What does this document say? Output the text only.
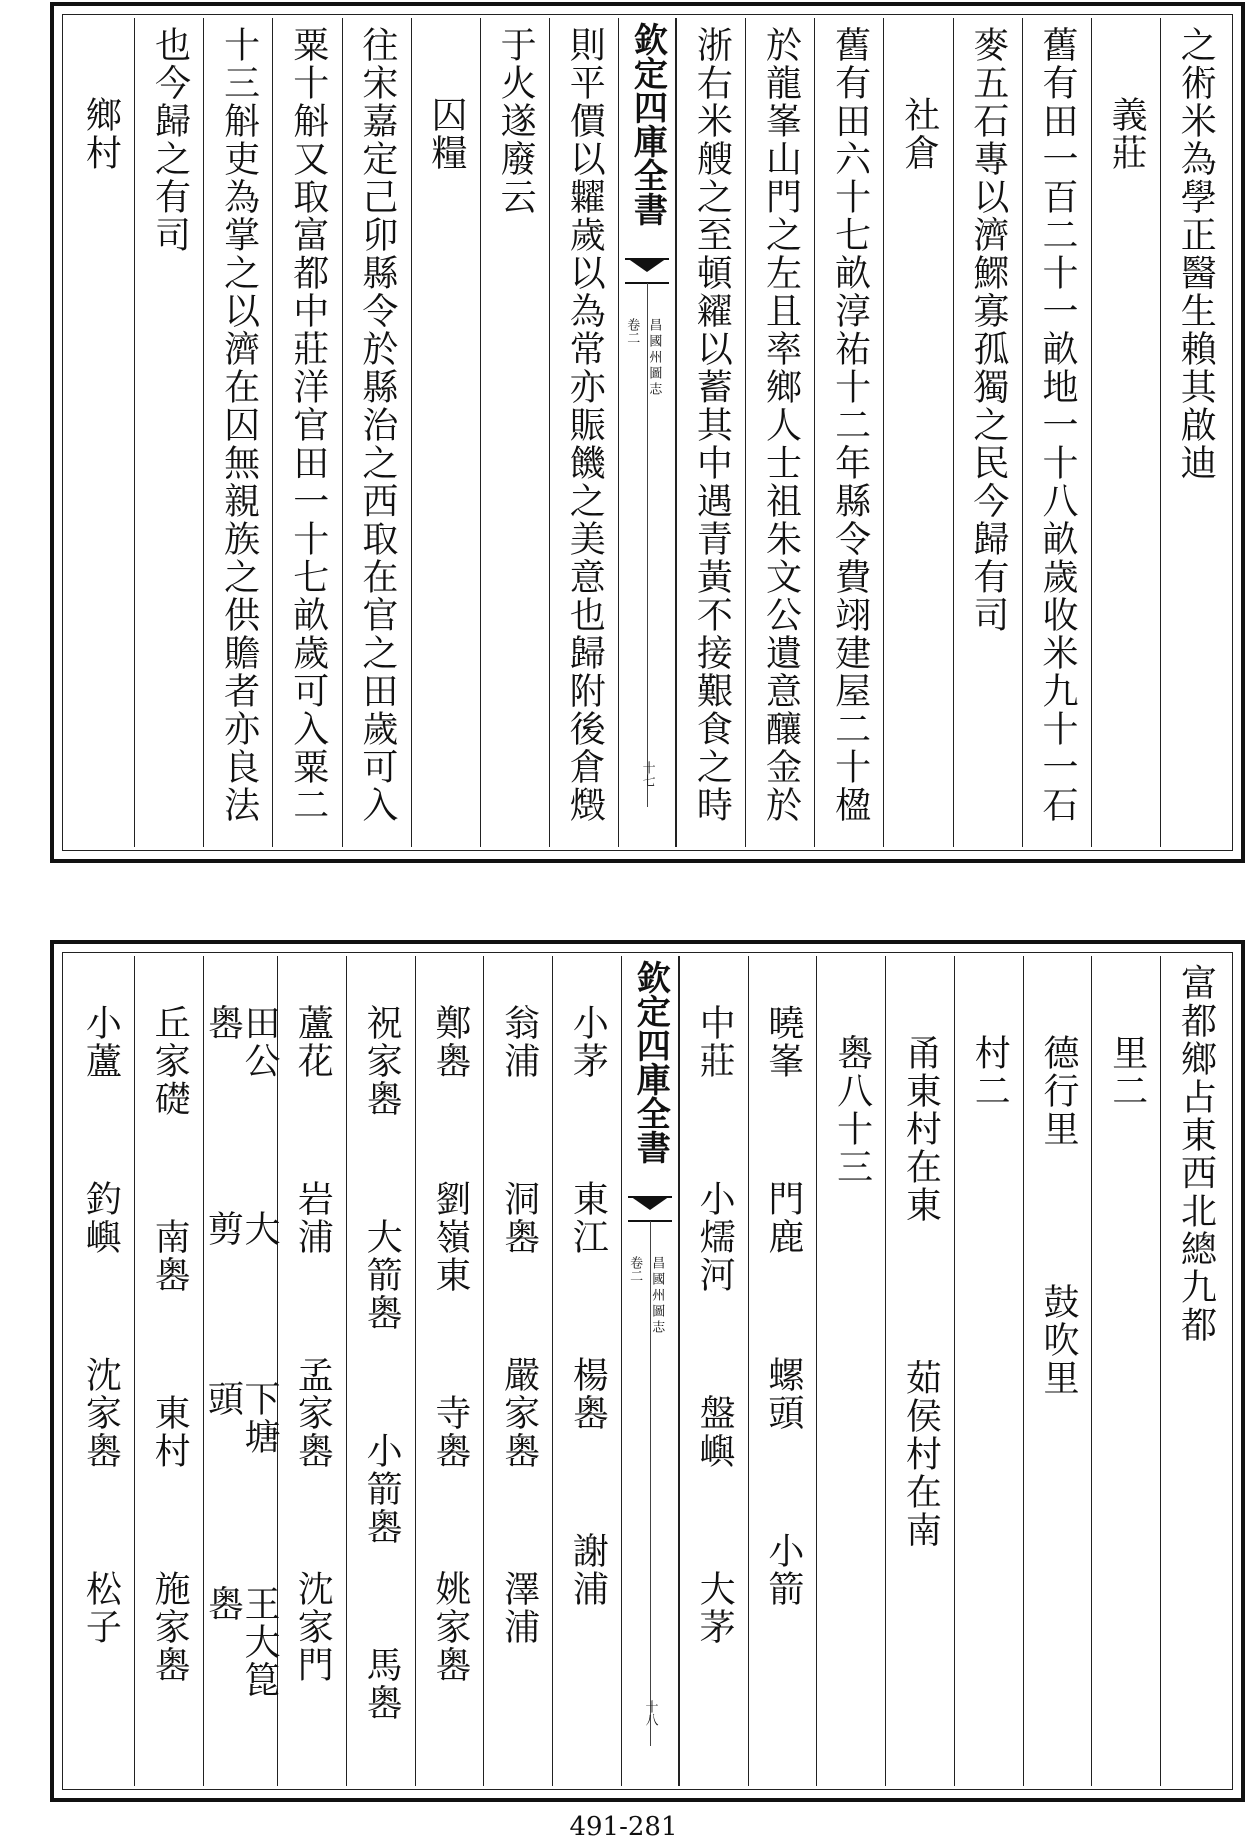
之術米為學正醫生賴其啟迪
義莊
舊有田一百二十一畝地一十八畝歲收米九十一石
麥五石專以濟鰥寡孤獨之民今歸有司
社倉
舊有田六十七畝淳祐十二年縣令費翊建屋二十楹
於龍峯山門之左且率鄉人士祖朱文公遺意釀金於
浙右米艘之至頓糴以蓄其中遇青黃不接艱食之時
欽定四庫全書
昌國州圖志
卷二
十七
則平價以糶歲以為常亦賑饑之美意也歸附後倉燬
于火遂廢云
囚糧
往宋嘉定己卯縣令於縣治之西取在官之田歲可入
粟十斛又取富都中莊洋官田一十七畝歲可入粟二
十三斛吏為掌之以濟在囚無親族之供贍者亦良法
也今歸之有司
鄉村
富都鄉占東西北總九都
里二
德行里
鼓吹里
村二
甬東村在東
茹侯村在南
嶴八十三
曉峯
門鹿
螺頭
小箭
中莊
小燸河
盤嶼
大茅
欽定四庫全書
昌國州圖志
卷二
十八
小茅
東江
楊嶴
謝浦
翁浦
洞嶴
嚴家嶴
澤浦
鄭嶴
劉嶺東
寺嶴
姚家嶴
祝家嶴
大箭嶴
小箭嶴
馬嶴
蘆花
岩浦
孟家嶴
沈家門
田公嶴
大剪
下塘頭
王大箟嶴
丘家礎
南嶴
東村
施家嶴
小蘆
釣嶼
沈家嶴
松子
491-281
